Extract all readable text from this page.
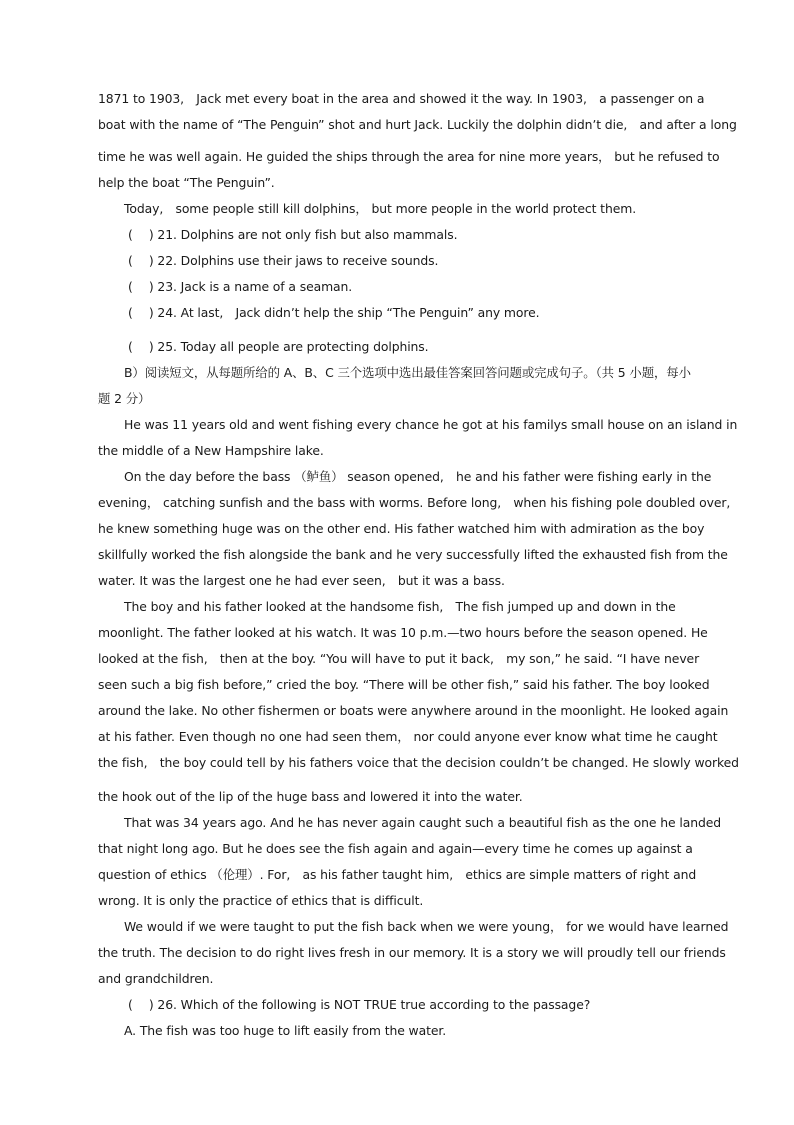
1871 to 1903,　Jack met every boat in the area and showed it the way. In 1903,　a passenger on a
boat with the name of “The Penguin” shot and hurt Jack. Luckily the dolphin didnʼt die,　and after a long
time he was well again. He guided the ships through the area for nine more years， but he refused to
help the boat “The Penguin”.
Today,　some people still kill dolphins， but more people in the world protect them.
(　 ) 21. Dolphins are not only fish but also mammals.
(　 ) 22. Dolphins use their jaws to receive sounds.
(　 ) 23. Jack is a name of a seaman.
(　 ) 24. At last,　Jack didnʼt help the ship “The Penguin” any more.
(　 ) 25. Today all people are protecting dolphins.
B）阅读短文，从每题所给的 A、B、C 三个选项中选出最佳答案回答问题或完成句子。（共 5 小题，每小题 2 分）
He was 11 years old and went fishing every chance he got at his familys small house on an island in
the middle of a New Hampshire lake.
On the day before the bass （鲈鱼） season opened,　he and his father were fishing early in the
evening， catching sunfish and the bass with worms. Before long,　when his fishing pole doubled over,
he knew something huge was on the other end. His father watched him with admiration as the boy
skillfully worked the fish alongside the bank and he very successfully lifted the exhausted fish from the
water. It was the largest one he had ever seen,　but it was a bass.
The boy and his father looked at the handsome fish,　The fish jumped up and down in the
moonlight. The father looked at his watch. It was 10 p.m.—two hours before the season opened. He
looked at the fish,　then at the boy. “You will have to put it back,　my son,” he said. “I have never
seen such a big fish before,” cried the boy. “There will be other fish,” said his father. The boy looked
around the lake. No other fishermen or boats were anywhere around in the moonlight. He looked again
at his father. Even though no one had seen them， nor could anyone ever know what time he caught
the fish,　the boy could tell by his fathers voice that the decision couldnʼt be changed. He slowly worked
the hook out of the lip of the huge bass and lowered it into the water.
That was 34 years ago. And he has never again caught such a beautiful fish as the one he landed
that night long ago. But he does see the fish again and again—every time he comes up against a
question of ethics （伦理）. For,　as his father taught him,　ethics are simple matters of right and
wrong. It is only the practice of ethics that is difficult.
We would if we were taught to put the fish back when we were young， for we would have learned
the truth. The decision to do right lives fresh in our memory. It is a story we will proudly tell our friends
and grandchildren.
(　 ) 26. Which of the following is NOT TRUE true according to the passage?
A. The fish was too huge to lift easily from the water.
